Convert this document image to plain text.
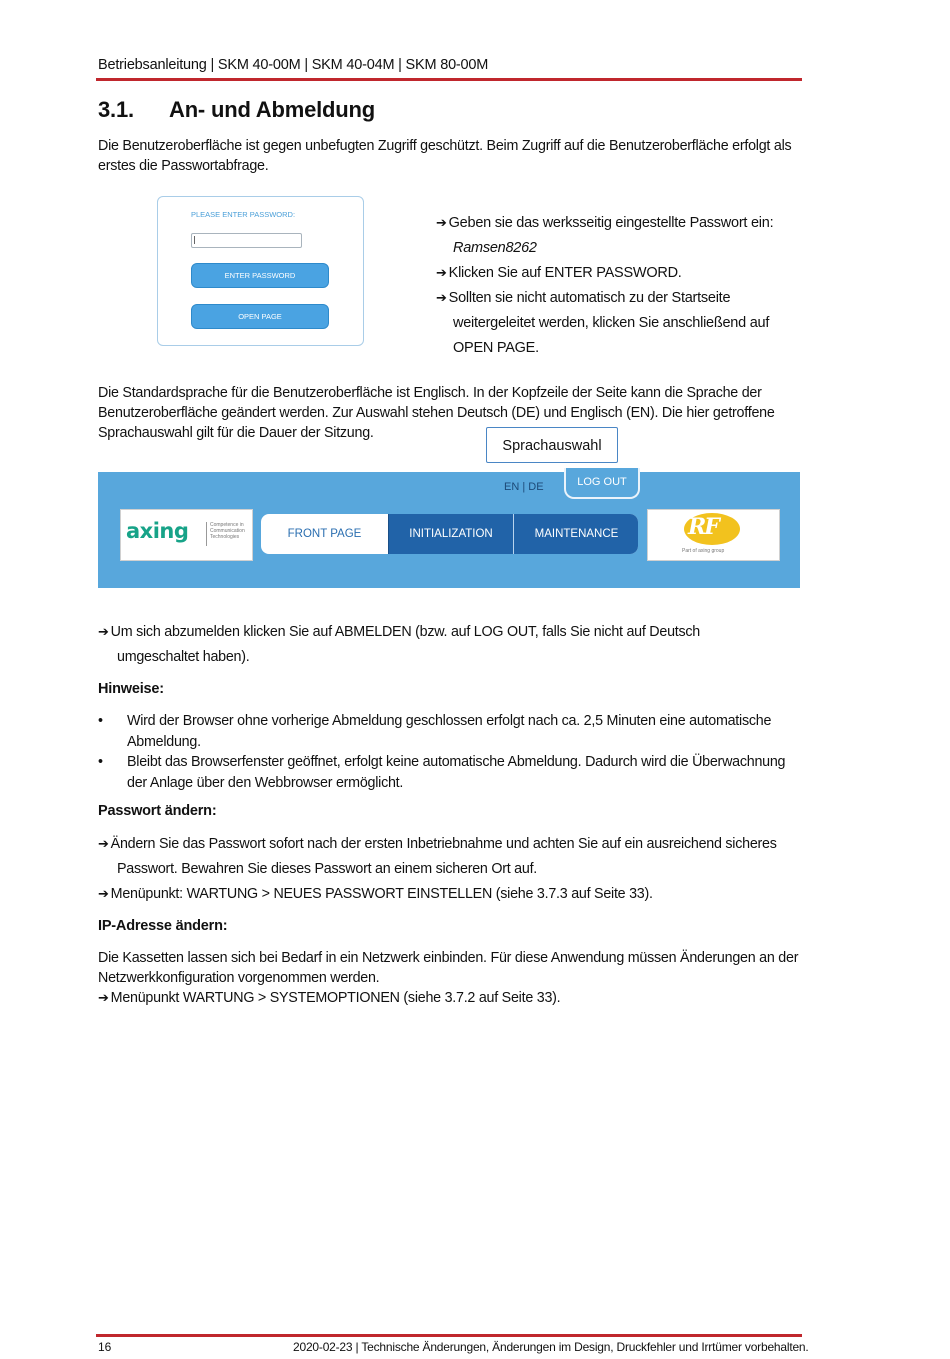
Betriebsanleitung | SKM 40-00M | SKM 40-04M | SKM 80-00M
3.1. An- und Abmeldung
Die Benutzeroberfläche ist gegen unbefugten Zugriff geschützt. Beim Zugriff auf die Benutzeroberfläche erfolgt als erstes die Passwortabfrage.
PLEASE ENTER PASSWORD:
ENTER PASSWORD
OPEN PAGE
➔ Geben sie das werksseitig eingestellte Passwort ein:
Ramsen8262
➔ Klicken Sie auf ENTER PASSWORD.
➔ Sollten sie nicht automatisch zu der Startseite
weitergeleitet werden, klicken Sie anschließend auf
OPEN PAGE.
Die Standardsprache für die Benutzeroberfläche ist Englisch. In der Kopfzeile der Seite kann die Sprache der Benutzeroberfläche geändert werden. Zur Auswahl stehen Deutsch (DE) und Englisch (EN). Die hier getroffene Sprachauswahl gilt für die Dauer der Sitzung.
Sprachauswahl
EN | DE	LOG OUT
axing	Competence in Communication Technologies	FRONT PAGE	INITIALIZATION	MAINTENANCE	RF
Part of axing group
➔ Um sich abzumelden klicken Sie auf ABMELDEN (bzw. auf LOG OUT, falls Sie nicht auf Deutsch
umgeschaltet haben).
Hinweise:
• Wird der Browser ohne vorherige Abmeldung geschlossen erfolgt nach ca. 2,5 Minuten eine automatische Abmeldung.
• Bleibt das Browserfenster geöffnet, erfolgt keine automatische Abmeldung. Dadurch wird die Überwachnung der Anlage über den Webbrowser ermöglicht.
Passwort ändern:
➔ Ändern Sie das Passwort sofort nach der ersten Inbetriebnahme und achten Sie auf ein ausreichend sicheres
Passwort. Bewahren Sie dieses Passwort an einem sicheren Ort auf.
➔ Menüpunkt: WARTUNG > NEUES PASSWORT EINSTELLEN (siehe 3.7.3 auf Seite 33).
IP-Adresse ändern:
Die Kassetten lassen sich bei Bedarf in ein Netzwerk einbinden. Für diese Anwendung müssen Änderungen an der Netzwerkkonfiguration vorgenommen werden.
➔ Menüpunkt WARTUNG > SYSTEMOPTIONEN (siehe 3.7.2 auf Seite 33).
16	2020-02-23 | Technische Änderungen, Änderungen im Design, Druckfehler und Irrtümer vorbehalten.
